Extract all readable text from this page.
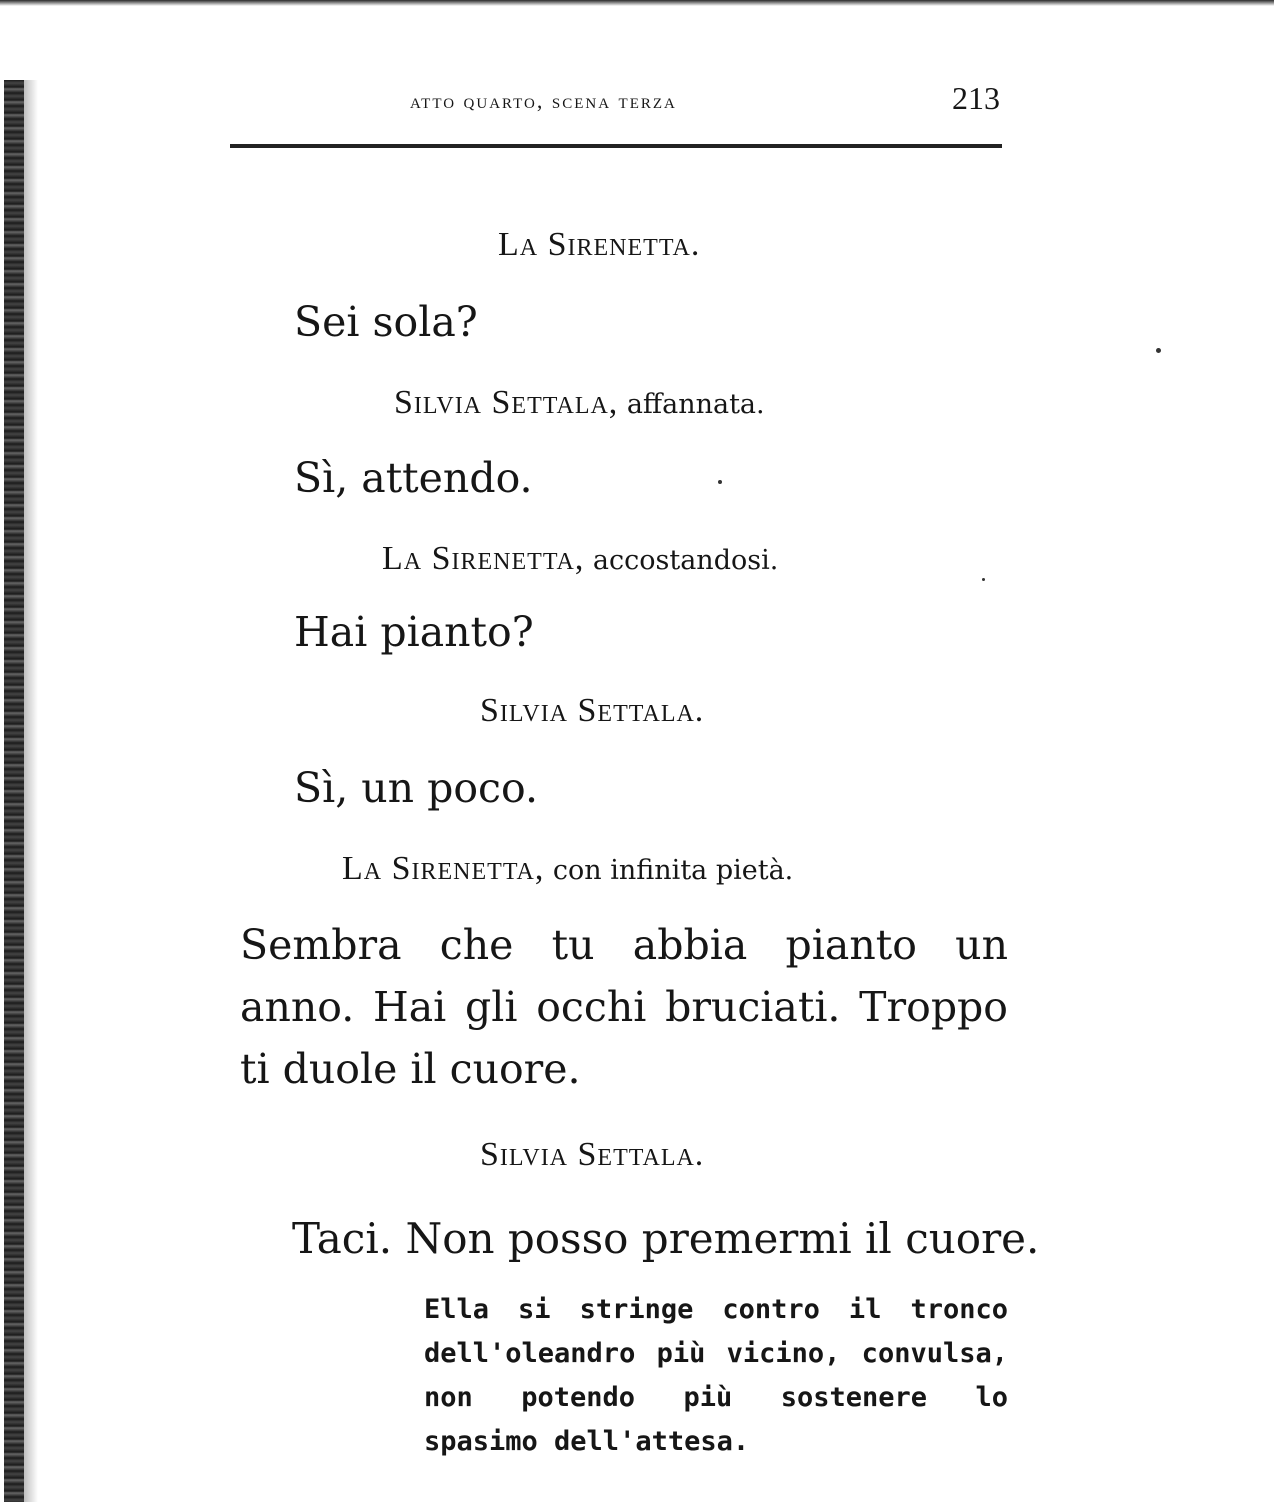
atto quarto, scena terza	213
La Sirenetta.
Sei sola?
Silvia Settala, affannata.
Sì, attendo.
La Sirenetta, accostandosi.
Hai pianto?
Silvia Settala.
Sì, un poco.
La Sirenetta, con infinita pietà.
Sembra che tu abbia pianto un anno. Hai gli occhi bruciati. Troppo ti duole il cuore.
Silvia Settala.
Taci. Non posso premermi il cuore.
Ella si stringe contro il tronco dell'oleandro più vicino, convulsa, non potendo più sostenere lo spasimo dell'attesa.
